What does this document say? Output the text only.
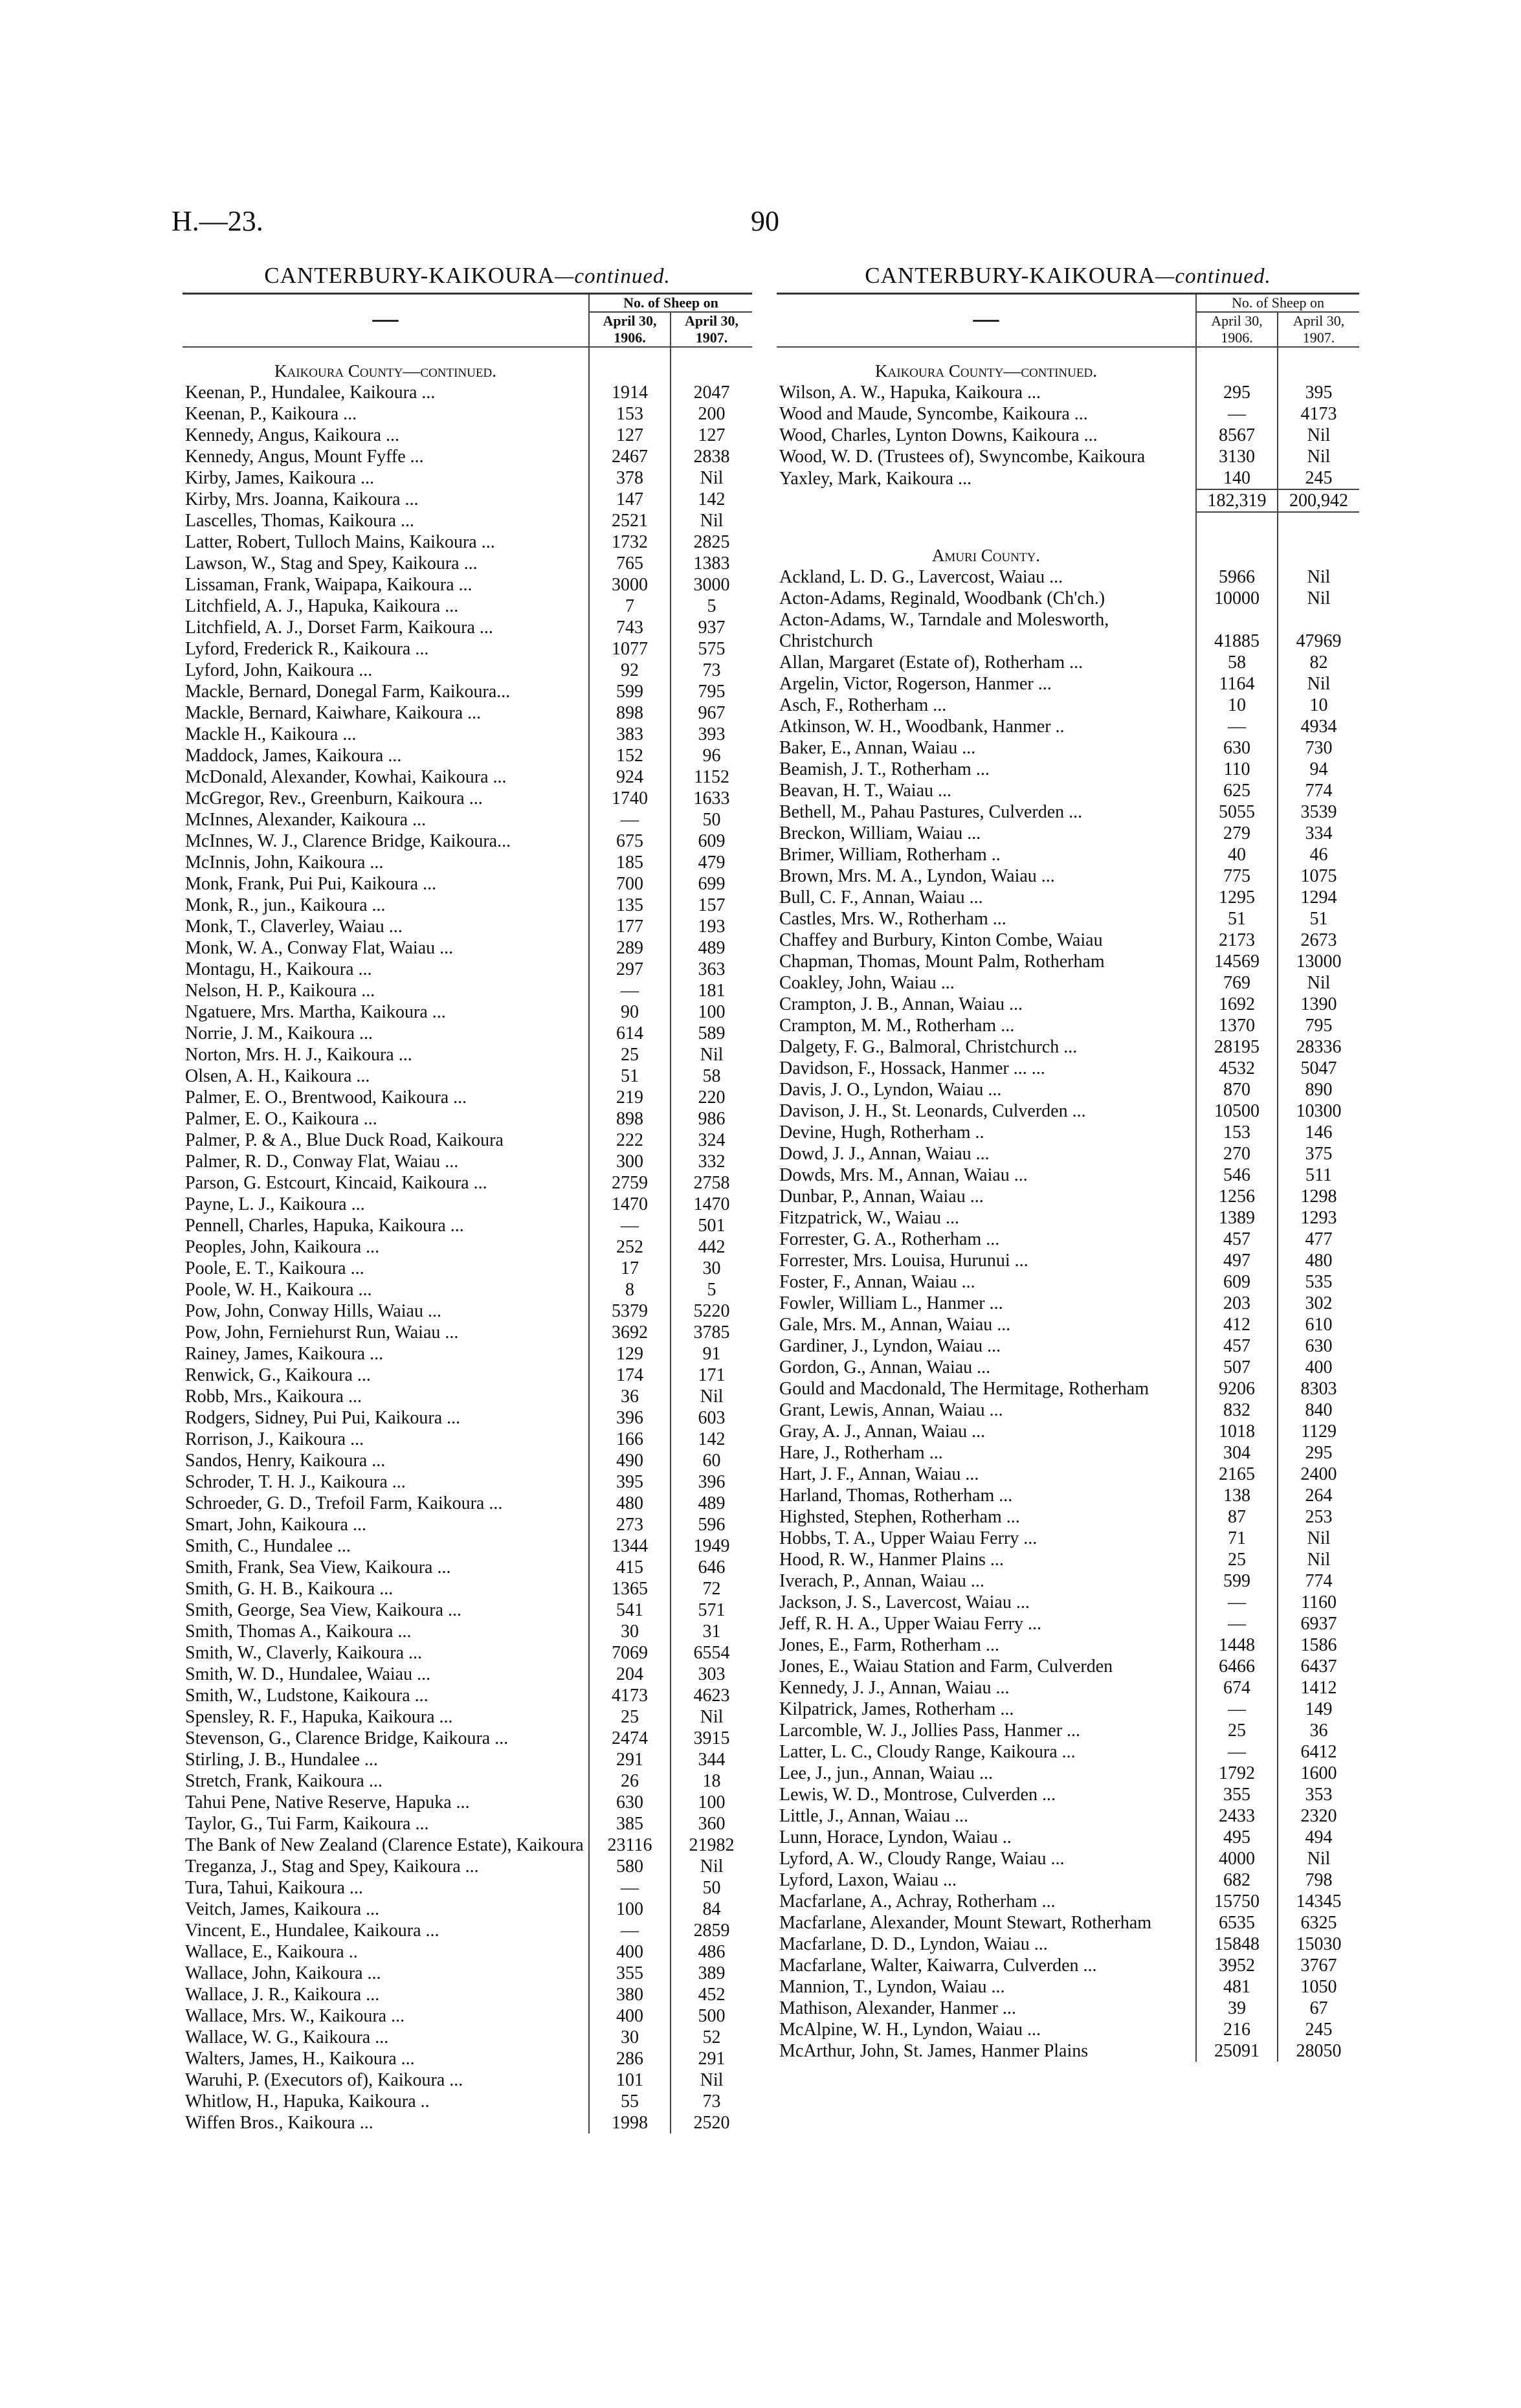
H.—23.	90
CANTERBURY-KAIKOURA—continued.
—	No. of Sheep on	
	April 30, 1906.	April 30, 1907.
Kaikoura County—continued.		
Keenan, P., Hundalee, Kaikoura ...	1914	2047
Keenan, P., Kaikoura ...	153	200
Kennedy, Angus, Kaikoura ...	127	127
Kennedy, Angus, Mount Fyffe ...	2467	2838
Kirby, James, Kaikoura ...	378	Nil
Kirby, Mrs. Joanna, Kaikoura ...	147	142
Lascelles, Thomas, Kaikoura ...	2521	Nil
Latter, Robert, Tulloch Mains, Kaikoura ...	1732	2825
Lawson, W., Stag and Spey, Kaikoura ...	765	1383
Lissaman, Frank, Waipapa, Kaikoura ...	3000	3000
Litchfield, A. J., Hapuka, Kaikoura ...	7	5
Litchfield, A. J., Dorset Farm, Kaikoura ...	743	937
Lyford, Frederick R., Kaikoura ...	1077	575
Lyford, John, Kaikoura ...	92	73
Mackle, Bernard, Donegal Farm, Kaikoura...	599	795
Mackle, Bernard, Kaiwhare, Kaikoura ...	898	967
Mackle H., Kaikoura ...	383	393
Maddock, James, Kaikoura ...	152	96
McDonald, Alexander, Kowhai, Kaikoura ...	924	1152
McGregor, Rev., Greenburn, Kaikoura ...	1740	1633
McInnes, Alexander, Kaikoura ...	—	50
McInnes, W. J., Clarence Bridge, Kaikoura...	675	609
McInnis, John, Kaikoura ...	185	479
Monk, Frank, Pui Pui, Kaikoura ...	700	699
Monk, R., jun., Kaikoura ...	135	157
Monk, T., Claverley, Waiau ...	177	193
Monk, W. A., Conway Flat, Waiau ...	289	489
Montagu, H., Kaikoura ...	297	363
Nelson, H. P., Kaikoura ...	—	181
Ngatuere, Mrs. Martha, Kaikoura ...	90	100
Norrie, J. M., Kaikoura ...	614	589
Norton, Mrs. H. J., Kaikoura ...	25	Nil
Olsen, A. H., Kaikoura ...	51	58
Palmer, E. O., Brentwood, Kaikoura ...	219	220
Palmer, E. O., Kaikoura ...	898	986
Palmer, P. & A., Blue Duck Road, Kaikoura	222	324
Palmer, R. D., Conway Flat, Waiau ...	300	332
Parson, G. Estcourt, Kincaid, Kaikoura ...	2759	2758
Payne, L. J., Kaikoura ...	1470	1470
Pennell, Charles, Hapuka, Kaikoura ...	—	501
Peoples, John, Kaikoura ...	252	442
Poole, E. T., Kaikoura ...	17	30
Poole, W. H., Kaikoura ...	8	5
Pow, John, Conway Hills, Waiau ...	5379	5220
Pow, John, Ferniehurst Run, Waiau ...	3692	3785
Rainey, James, Kaikoura ...	129	91
Renwick, G., Kaikoura ...	174	171
Robb, Mrs., Kaikoura ...	36	Nil
Rodgers, Sidney, Pui Pui, Kaikoura ...	396	603
Rorrison, J., Kaikoura ...	166	142
Sandos, Henry, Kaikoura ...	490	60
Schroder, T. H. J., Kaikoura ...	395	396
Schroeder, G. D., Trefoil Farm, Kaikoura ...	480	489
Smart, John, Kaikoura ...	273	596
Smith, C., Hundalee ...	1344	1949
Smith, Frank, Sea View, Kaikoura ...	415	646
Smith, G. H. B., Kaikoura ...	1365	72
Smith, George, Sea View, Kaikoura ...	541	571
Smith, Thomas A., Kaikoura ...	30	31
Smith, W., Claverly, Kaikoura ...	7069	6554
Smith, W. D., Hundalee, Waiau ...	204	303
Smith, W., Ludstone, Kaikoura ...	4173	4623
Spensley, R. F., Hapuka, Kaikoura ...	25	Nil
Stevenson, G., Clarence Bridge, Kaikoura ...	2474	3915
Stirling, J. B., Hundalee ...	291	344
Stretch, Frank, Kaikoura ...	26	18
Tahui Pene, Native Reserve, Hapuka ...	630	100
Taylor, G., Tui Farm, Kaikoura ...	385	360
The Bank of New Zealand (Clarence Estate), Kaikoura	23116	21982
Treganza, J., Stag and Spey, Kaikoura ...	580	Nil
Tura, Tahui, Kaikoura ...	—	50
Veitch, James, Kaikoura ...	100	84
Vincent, E., Hundalee, Kaikoura ...	—	2859
Wallace, E., Kaikoura ..	400	486
Wallace, John, Kaikoura ...	355	389
Wallace, J. R., Kaikoura ...	380	452
Wallace, Mrs. W., Kaikoura ...	400	500
Wallace, W. G., Kaikoura ...	30	52
Walters, James, H., Kaikoura ...	286	291
Waruhi, P. (Executors of), Kaikoura ...	101	Nil
Whitlow, H., Hapuka, Kaikoura ..	55	73
Wiffen Bros., Kaikoura ...	1998	2520
CANTERBURY-KAIKOURA—continued.
—	No. of Sheep on	
	April 30, 1906.	April 30, 1907.
Kaikoura County—continued.		
Wilson, A. W., Hapuka, Kaikoura ...	295	395
Wood and Maude, Syncombe, Kaikoura ...	—	4173
Wood, Charles, Lynton Downs, Kaikoura ...	8567	Nil
Wood, W. D. (Trustees of), Swyncombe, Kaikoura	3130	Nil
Yaxley, Mark, Kaikoura ...	140	245
	182,319	200,942

Amuri County.		
Ackland, L. D. G., Lavercost, Waiau ...	5966	Nil
Acton-Adams, Reginald, Woodbank (Ch'ch.)	10000	Nil
Acton-Adams, W., Tarndale and Molesworth, Christchurch	41885	47969
Allan, Margaret (Estate of), Rotherham ...	58	82
Argelin, Victor, Rogerson, Hanmer ...	1164	Nil
Asch, F., Rotherham ...	10	10
Atkinson, W. H., Woodbank, Hanmer ..	—	4934
Baker, E., Annan, Waiau ...	630	730
Beamish, J. T., Rotherham ...	110	94
Beavan, H. T., Waiau ...	625	774
Bethell, M., Pahau Pastures, Culverden ...	5055	3539
Breckon, William, Waiau ...	279	334
Brimer, William, Rotherham ..	40	46
Brown, Mrs. M. A., Lyndon, Waiau ...	775	1075
Bull, C. F., Annan, Waiau ...	1295	1294
Castles, Mrs. W., Rotherham ...	51	51
Chaffey and Burbury, Kinton Combe, Waiau	2173	2673
Chapman, Thomas, Mount Palm, Rotherham	14569	13000
Coakley, John, Waiau ...	769	Nil
Crampton, J. B., Annan, Waiau ...	1692	1390
Crampton, M. M., Rotherham ...	1370	795
Dalgety, F. G., Balmoral, Christchurch ...	28195	28336
Davidson, F., Hossack, Hanmer ... ...	4532	5047
Davis, J. O., Lyndon, Waiau ...	870	890
Davison, J. H., St. Leonards, Culverden ...	10500	10300
Devine, Hugh, Rotherham ..	153	146
Dowd, J. J., Annan, Waiau ...	270	375
Dowds, Mrs. M., Annan, Waiau ...	546	511
Dunbar, P., Annan, Waiau ...	1256	1298
Fitzpatrick, W., Waiau ...	1389	1293
Forrester, G. A., Rotherham ...	457	477
Forrester, Mrs. Louisa, Hurunui ...	497	480
Foster, F., Annan, Waiau ...	609	535
Fowler, William L., Hanmer ...	203	302
Gale, Mrs. M., Annan, Waiau ...	412	610
Gardiner, J., Lyndon, Waiau ...	457	630
Gordon, G., Annan, Waiau ...	507	400
Gould and Macdonald, The Hermitage, Rotherham	9206	8303
Grant, Lewis, Annan, Waiau ...	832	840
Gray, A. J., Annan, Waiau ...	1018	1129
Hare, J., Rotherham ...	304	295
Hart, J. F., Annan, Waiau ...	2165	2400
Harland, Thomas, Rotherham ...	138	264
Highsted, Stephen, Rotherham ...	87	253
Hobbs, T. A., Upper Waiau Ferry ...	71	Nil
Hood, R. W., Hanmer Plains ...	25	Nil
Iverach, P., Annan, Waiau ...	599	774
Jackson, J. S., Lavercost, Waiau ...	—	1160
Jeff, R. H. A., Upper Waiau Ferry ...	—	6937
Jones, E., Farm, Rotherham ...	1448	1586
Jones, E., Waiau Station and Farm, Culverden	6466	6437
Kennedy, J. J., Annan, Waiau ...	674	1412
Kilpatrick, James, Rotherham ...	—	149
Larcomble, W. J., Jollies Pass, Hanmer ...	25	36
Latter, L. C., Cloudy Range, Kaikoura ...	—	6412
Lee, J., jun., Annan, Waiau ...	1792	1600
Lewis, W. D., Montrose, Culverden ...	355	353
Little, J., Annan, Waiau ...	2433	2320
Lunn, Horace, Lyndon, Waiau ..	495	494
Lyford, A. W., Cloudy Range, Waiau ...	4000	Nil
Lyford, Laxon, Waiau ...	682	798
Macfarlane, A., Achray, Rotherham ...	15750	14345
Macfarlane, Alexander, Mount Stewart, Rotherham	6535	6325
Macfarlane, D. D., Lyndon, Waiau ...	15848	15030
Macfarlane, Walter, Kaiwarra, Culverden ...	3952	3767
Mannion, T., Lyndon, Waiau ...	481	1050
Mathison, Alexander, Hanmer ...	39	67
McAlpine, W. H., Lyndon, Waiau ...	216	245
McArthur, John, St. James, Hanmer Plains	25091	28050
